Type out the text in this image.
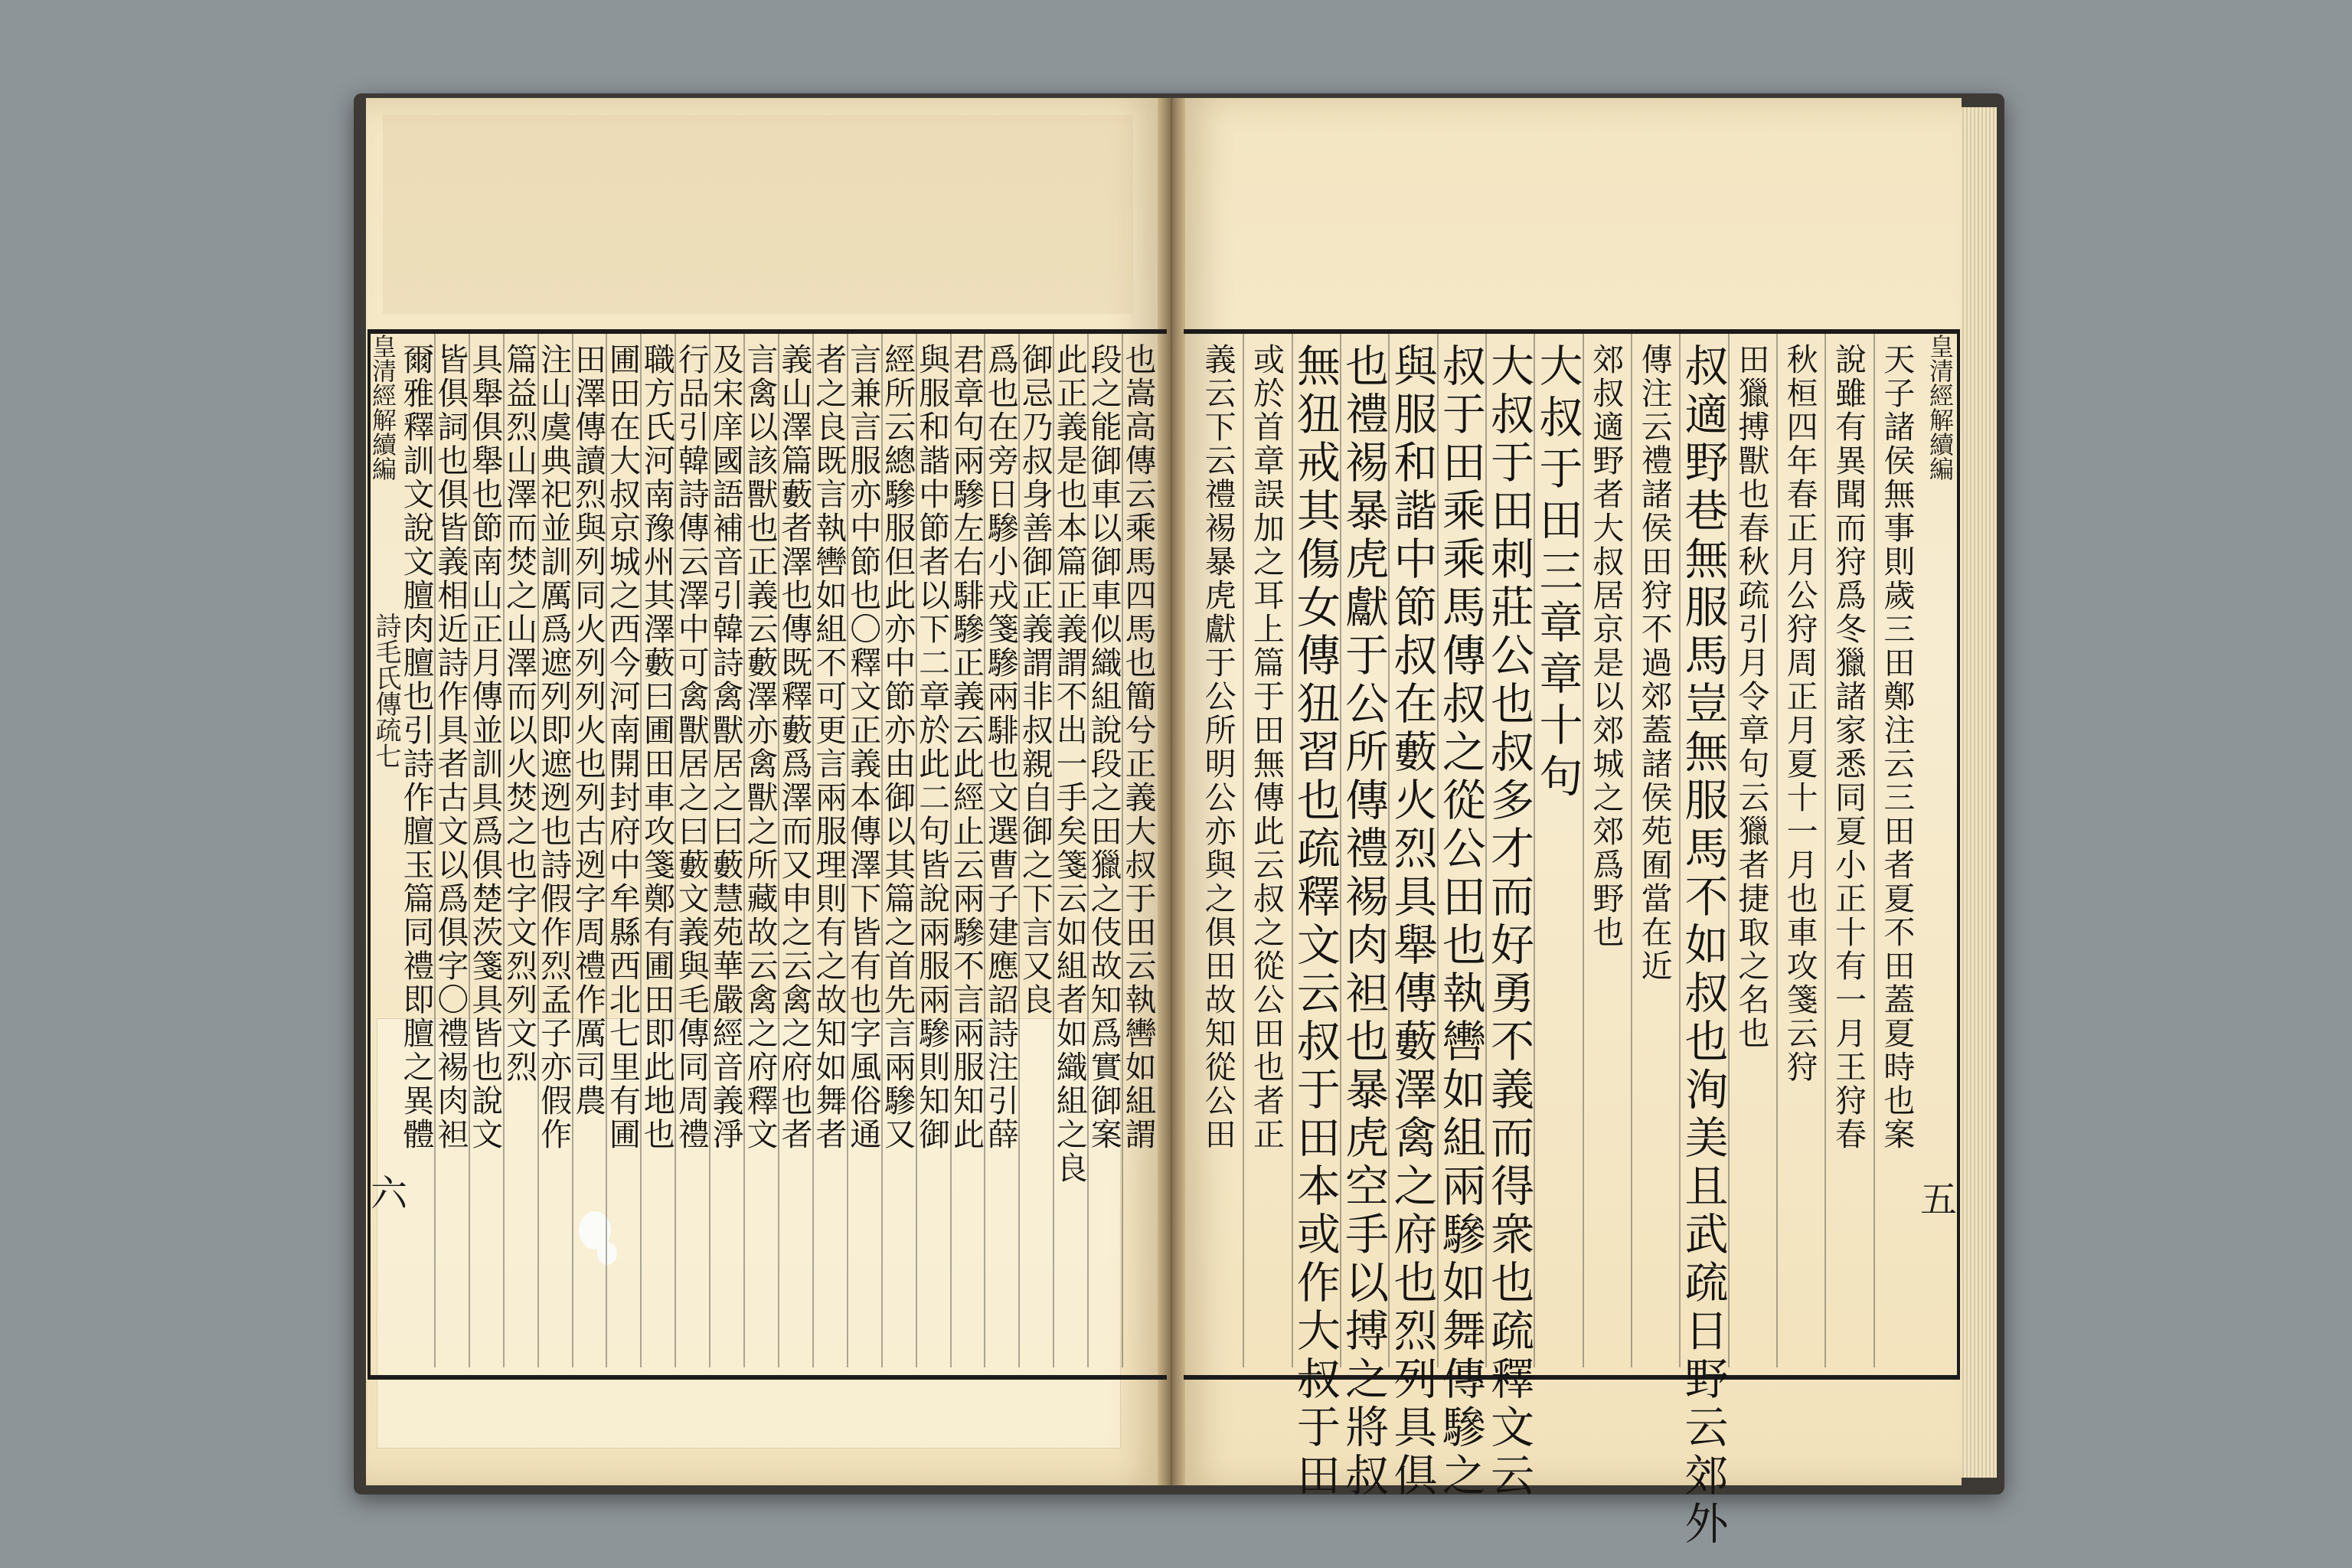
皇清經解續編
詩毛氏傳疏七
皇清經解續編
六	五
天子諸侯無事則歲三田鄭注云三田者夏不田蓋夏時也案
說雖有異聞而狩爲冬獵諸家悉同夏小正十有一月王狩春
秋桓四年春正月公狩周正月夏十一月也車攻箋云狩
田獵搏獸也春秋疏引月令章句云獵者捷取之名也
叔適野巷無服馬豈無服馬不如叔也洵美且武疏日野云郊外
傳注云禮諸侯田狩不過郊蓋諸侯苑囿當在近
郊叔適野者大叔居京是以郊城之郊爲野也
大叔于田三章章十句
大叔于田刺莊公也叔多才而好勇不義而得衆也疏釋文云
叔于田乘乘馬傳叔之從公田也執轡如組兩驂如舞傳驂之
與服和諧中節叔在藪火烈具舉傳藪澤禽之府也烈列具俱
也禮裼暴虎獻于公所傳禮裼肉袒也暴虎空手以搏之將叔
無狃戒其傷女傳狃習也疏釋文云叔于田本或作大叔于田
或於首章誤加之耳上篇于田無傳此云叔之從公田也者正
義云下云禮裼暴虎獻于公所明公亦與之俱田故知從公田
也嵩高傳云乘馬四馬也簡兮正義大叔于田云執轡如組謂
段之能御車以御車似織組說段之田獵之伎故知爲實御案
此正義是也本篇正義謂不出一手矣箋云如組者如織組之良
御忌乃叔身善御正義謂非叔親自御之下言又良
爲也在旁日驂小戎箋驂兩騑也文選曹子建應詔詩注引薛
君章句兩驂左右騑驂正義云此經止云兩驂不言兩服知此
與服和諧中節者以下二章於此二句皆說兩服兩驂則知御
經所云總驂服但此亦中節亦由御以其篇之首先言兩驂又
言兼言服亦中節也〇釋文正義本傳澤下皆有也字風俗通
者之良既言執轡如組不可更言兩服理則有之故知如舞者
義山澤篇藪者澤也傳既釋藪爲澤而又申之云禽之府也者
言禽以該獸也正義云藪澤亦禽獸之所藏故云禽之府釋文
及宋庠國語補音引韓詩禽獸居之曰藪慧苑華嚴經音義淨
行品引韓詩傳云澤中可禽獸居之曰藪文義與毛傳同周禮
職方氏河南豫州其澤藪曰圃田車攻箋鄭有圃田即此地也
圃田在大叔京城之西今河南開封府中牟縣西北七里有圃
田澤傳讀烈與列同火列列火也列古迾字周禮作厲司農
注山虞典祀並訓厲爲遮列即遮迾也詩假作烈孟子亦假作
篇益烈山澤而焚之山澤而以火焚之也字文烈列文烈
具舉俱舉也節南山正月傳並訓具爲俱楚茨箋具皆也說文
皆俱詞也俱皆義相近詩作具者古文以爲俱字〇禮裼肉袒
爾雅釋訓文說文膻肉膻也引詩作膻玉篇同禮即膻之異體
